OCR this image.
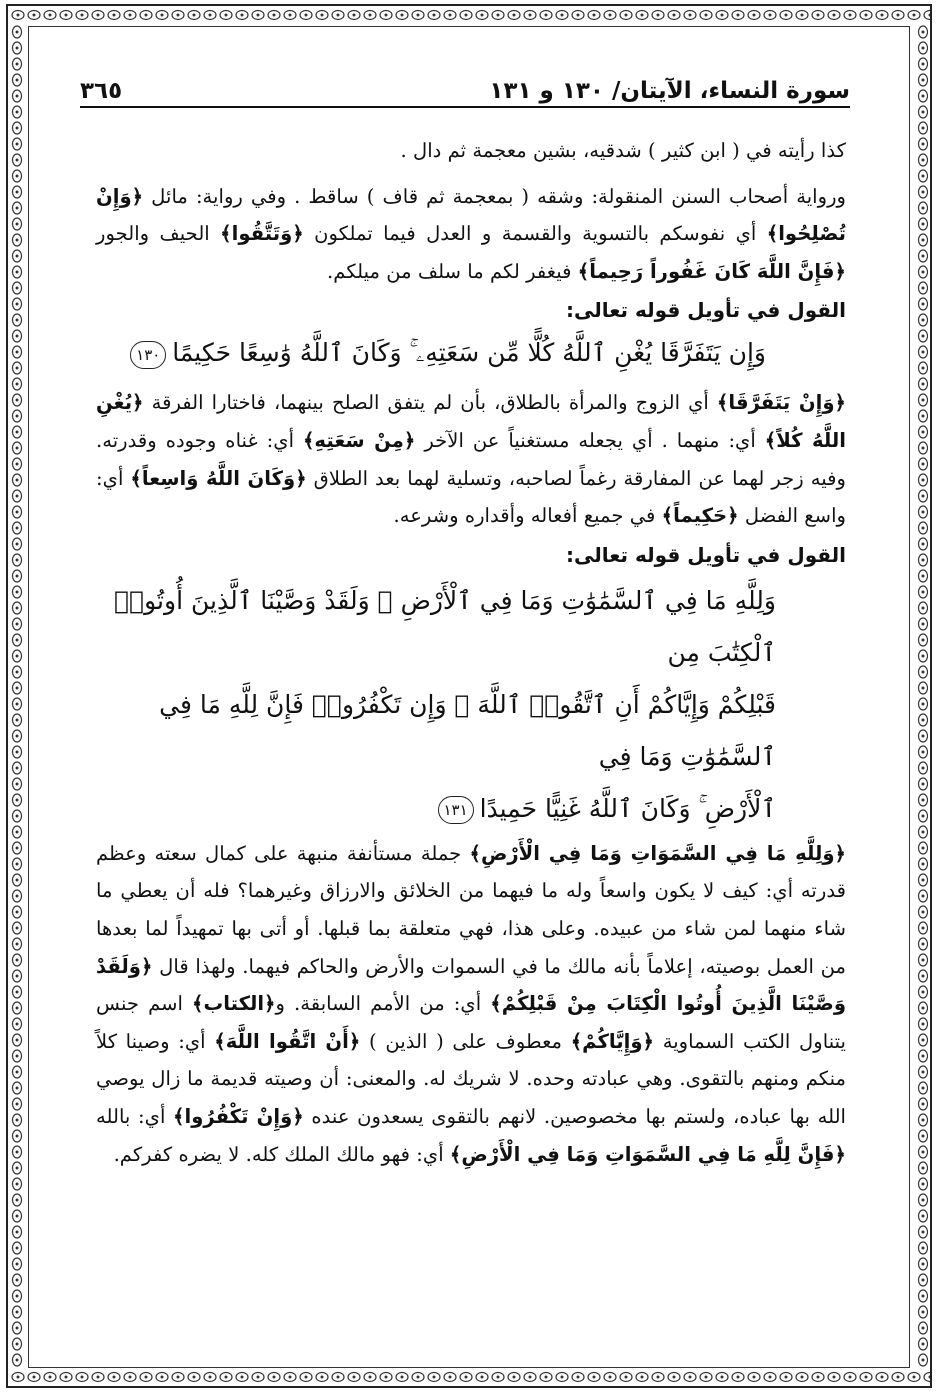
سورة النساء، الآيتان/ ١٣٠ و ١٣١
٣٦٥

كذا رأيته في ( ابن كثير ) شدقيه، بشين معجمة ثم دال .

ورواية أصحاب السنن المنقولة: وشقه ( بمعجمة ثم قاف ) ساقط . وفي رواية: مائل ﴿وَإِنْ تُصْلِحُوا﴾ أي نفوسكم بالتسوية والقسمة و العدل فيما تملكون ﴿وَتَتَّقُوا﴾ الحيف والجور ﴿فَإِنَّ اللَّهَ كَانَ غَفُوراً رَحِيماً﴾ فيغفر لكم ما سلف من ميلكم.

القول في تأويل قوله تعالى:

وَإِن يَتَفَرَّقَا يُغْنِ ٱللَّهُ كُلًّا مِّن سَعَتِهِۦ ۚ وَكَانَ ٱللَّهُ وَٰسِعًا حَكِيمًا١٣٠

﴿وَإِنْ يَتَفَرَّقَا﴾ أي الزوج والمرأة بالطلاق، بأن لم يتفق الصلح بينهما، فاختارا الفرقة ﴿يُغْنِ اللَّهُ كُلاً﴾ أي: منهما . أي يجعله مستغنياً عن الآخر ﴿مِنْ سَعَتِهِ﴾ أي: غناه وجوده وقدرته. وفيه زجر لهما عن المفارقة رغماً لصاحبه، وتسلية لهما بعد الطلاق ﴿وَكَانَ اللَّهُ وَاسِعاً﴾ أي: واسع الفضل ﴿حَكِيماً﴾ في جميع أفعاله وأقداره وشرعه.

القول في تأويل قوله تعالى:

وَلِلَّهِ مَا فِي ٱلسَّمَٰوَٰتِ وَمَا فِي ٱلْأَرْضِ ۗ وَلَقَدْ وَصَّيْنَا ٱلَّذِينَ أُوتُوا۟ ٱلْكِتَٰبَ مِن
قَبْلِكُمْ وَإِيَّاكُمْ أَنِ ٱتَّقُوا۟ ٱللَّهَ ۚ وَإِن تَكْفُرُوا۟ فَإِنَّ لِلَّهِ مَا فِي ٱلسَّمَٰوَٰتِ وَمَا فِي
ٱلْأَرْضِ ۚ وَكَانَ ٱللَّهُ غَنِيًّا حَمِيدًا١٣١

﴿وَلِلَّهِ مَا فِي السَّمَوَاتِ وَمَا فِي الْأَرْضِ﴾ جملة مستأنفة منبهة على كمال سعته وعظم قدرته أي: كيف لا يكون واسعاً وله ما فيهما من الخلائق والارزاق وغيرهما؟ فله أن يعطي ما شاء منهما لمن شاء من عبيده. وعلى هذا، فهي متعلقة بما قبلها. أو أتى بها تمهيداً لما بعدها من العمل بوصيته، إعلاماً بأنه مالك ما في السموات والأرض والحاكم فيهما. ولهذا قال ﴿وَلَقَدْ وَصَّيْنَا الَّذِينَ أُوتُوا الْكِتَابَ مِنْ قَبْلِكُمْ﴾ أي: من الأمم السابقة. و﴿الكتاب﴾ اسم جنس يتناول الكتب السماوية ﴿وَإِيَّاكُمْ﴾ معطوف على ( الذين ) ﴿أَنْ اتَّقُوا اللَّهَ﴾ أي: وصينا كلاً منكم ومنهم بالتقوى. وهي عبادته وحده. لا شريك له. والمعنى: أن وصيته قديمة ما زال يوصي الله بها عباده، ولستم بها مخصوصين. لانهم بالتقوى يسعدون عنده ﴿وَإِنْ تَكْفُرُوا﴾ أي: بالله ﴿فَإِنَّ لِلَّهِ مَا فِي السَّمَوَاتِ وَمَا فِي الْأَرْضِ﴾ أي: فهو مالك الملك كله. لا يضره كفركم.
